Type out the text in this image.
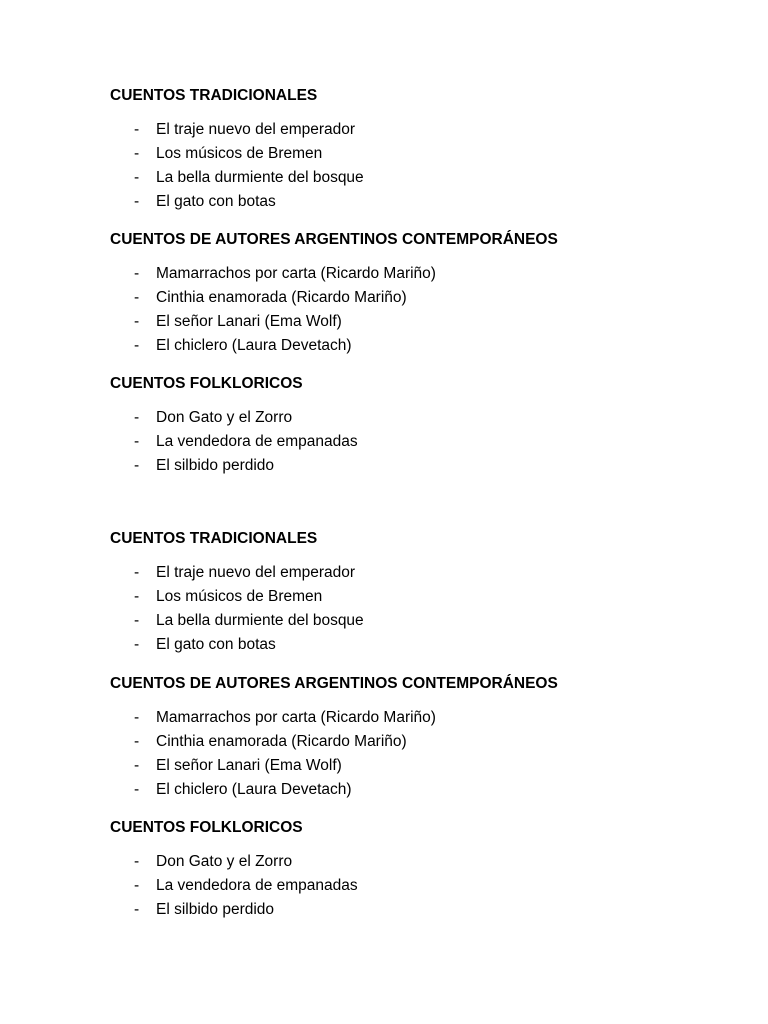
CUENTOS TRADICIONALES
- El traje nuevo del emperador
- Los músicos de Bremen
- La bella durmiente del bosque
- El gato con botas
CUENTOS DE AUTORES ARGENTINOS CONTEMPORÁNEOS
- Mamarrachos por carta (Ricardo Mariño)
- Cinthia enamorada (Ricardo Mariño)
- El señor Lanari (Ema Wolf)
- El chiclero (Laura Devetach)
CUENTOS FOLKLORICOS
- Don Gato y el Zorro
- La vendedora de empanadas
- El silbido perdido
CUENTOS TRADICIONALES
- El traje nuevo del emperador
- Los músicos de Bremen
- La bella durmiente del bosque
- El gato con botas
CUENTOS DE AUTORES ARGENTINOS CONTEMPORÁNEOS
- Mamarrachos por carta (Ricardo Mariño)
- Cinthia enamorada (Ricardo Mariño)
- El señor Lanari (Ema Wolf)
- El chiclero (Laura Devetach)
CUENTOS FOLKLORICOS
- Don Gato y el Zorro
- La vendedora de empanadas
- El silbido perdido
